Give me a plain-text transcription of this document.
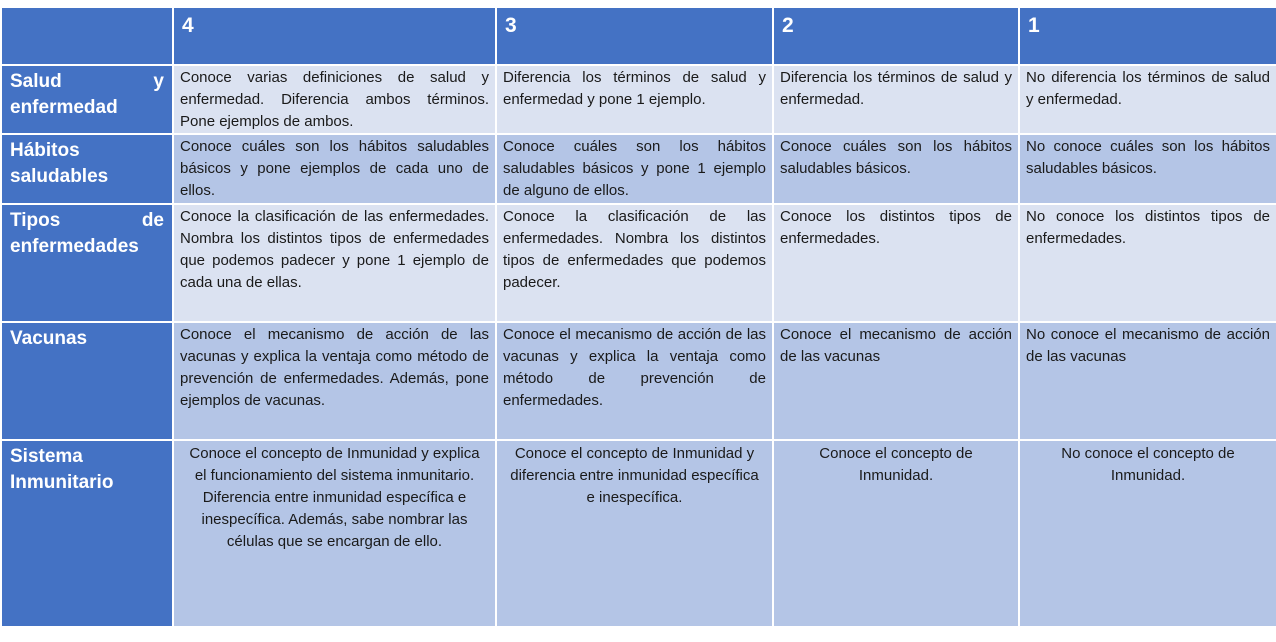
	4	3	2	1
Salud y enfermedad	Conoce varias definiciones de salud y enfermedad. Diferencia ambos términos. Pone ejemplos de ambos.	Diferencia los términos de salud y enfermedad y pone 1 ejemplo.	Diferencia los términos de salud y enfermedad.	No diferencia los términos de salud y enfermedad.
Hábitos saludables	Conoce cuáles son los hábitos saludables básicos y pone ejemplos de cada uno de ellos.	Conoce cuáles son los hábitos saludables básicos y pone 1 ejemplo de alguno de ellos.	Conoce cuáles son los hábitos saludables básicos.	No conoce cuáles son los hábitos saludables básicos.
Tipos de enfermedades	Conoce la clasificación de las enfermedades. Nombra los distintos tipos de enfermedades que podemos padecer y pone 1 ejemplo de cada una de ellas.	Conoce la clasificación de las enfermedades. Nombra los distintos tipos de enfermedades que podemos padecer.	Conoce los distintos tipos de enfermedades.	No conoce los distintos tipos de enfermedades.
Vacunas	Conoce el mecanismo de acción de las vacunas y explica la ventaja como método de prevención de enfermedades. Además, pone ejemplos de vacunas.	Conoce el mecanismo de acción de las vacunas y explica la ventaja como método de prevención de enfermedades.	Conoce el mecanismo de acción de las vacunas	No conoce el mecanismo de acción de las vacunas
Sistema Inmunitario	Conoce el concepto de Inmunidad y explica el funcionamiento del sistema inmunitario. Diferencia entre inmunidad específica e inespecífica. Además, sabe nombrar las células que se encargan de ello.	Conoce el concepto de Inmunidad y diferencia entre inmunidad específica e inespecífica.	Conoce el concepto de Inmunidad.	No conoce el concepto de Inmunidad.
